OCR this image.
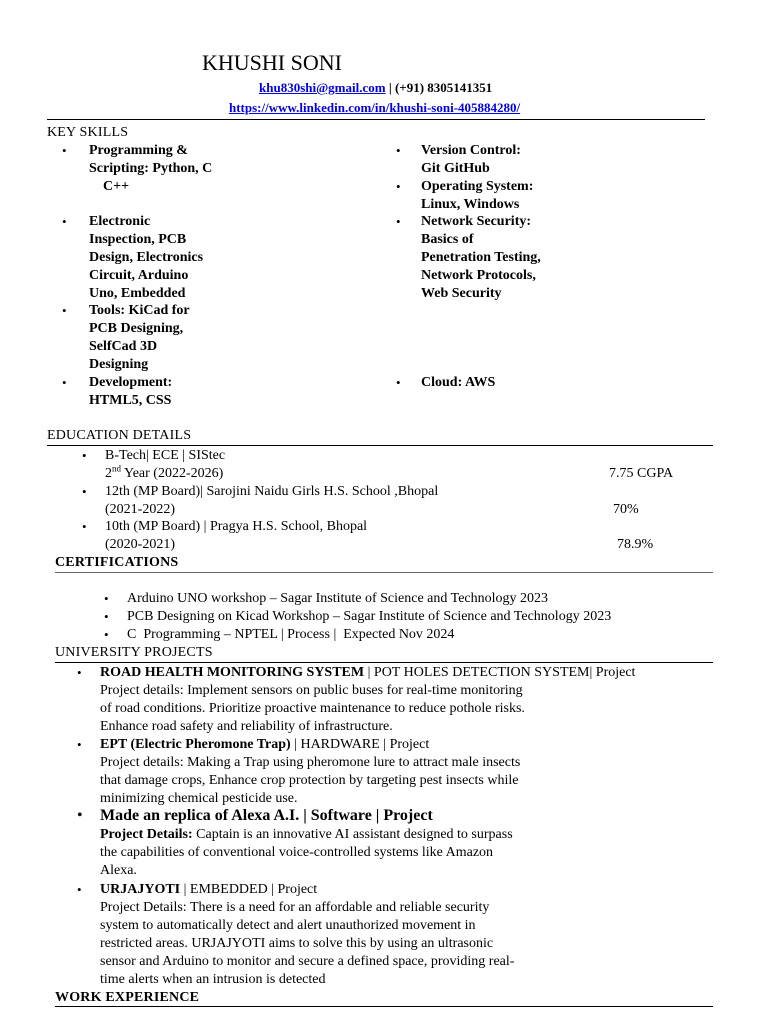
KHUSHI SONI
khu830shi@gmail.com | (+91) 8305141351
https://www.linkedin.com/in/khushi-soni-405884280/
KEY SKILLS
• Programming &
Scripting: Python, C
C++
• Electronic
Inspection, PCB
Design, Electronics
Circuit, Arduino
Uno, Embedded
• Tools: KiCad for
PCB Designing,
SelfCad 3D
Designing
• Development:
HTML5, CSS
• Version Control:
Git GitHub
• Operating System:
Linux, Windows
• Network Security:
Basics of
Penetration Testing,
Network Protocols,
Web Security
• Cloud: AWS
EDUCATION DETAILS
• B-Tech| ECE | SIStec
2nd Year (2022-2026)	7.75 CGPA
• 12th (MP Board)| Sarojini Naidu Girls H.S. School ,Bhopal
(2021-2022)	70%
• 10th (MP Board) | Pragya H.S. School, Bhopal
(2020-2021)	78.9%
CERTIFICATIONS
• Arduino UNO workshop – Sagar Institute of Science and Technology 2023
• PCB Designing on Kicad Workshop – Sagar Institute of Science and Technology 2023
• C  Programming – NPTEL | Process |  Expected Nov 2024
UNIVERSITY PROJECTS
• ROAD HEALTH MONITORING SYSTEM | POT HOLES DETECTION SYSTEM| Project
Project details: Implement sensors on public buses for real-time monitoring
of road conditions. Prioritize proactive maintenance to reduce pothole risks.
Enhance road safety and reliability of infrastructure.
• EPT (Electric Pheromone Trap) | HARDWARE | Project
Project details: Making a Trap using pheromone lure to attract male insects
that damage crops, Enhance crop protection by targeting pest insects while
minimizing chemical pesticide use.
• Made an replica of Alexa A.I. | Software | Project
Project Details: Captain is an innovative AI assistant designed to surpass
the capabilities of conventional voice-controlled systems like Amazon
Alexa.
• URJAJYOTI | EMBEDDED | Project
Project Details: There is a need for an affordable and reliable security
system to automatically detect and alert unauthorized movement in
restricted areas. URJAJYOTI aims to solve this by using an ultrasonic
sensor and Arduino to monitor and secure a defined space, providing real-
time alerts when an intrusion is detected
WORK EXPERIENCE
